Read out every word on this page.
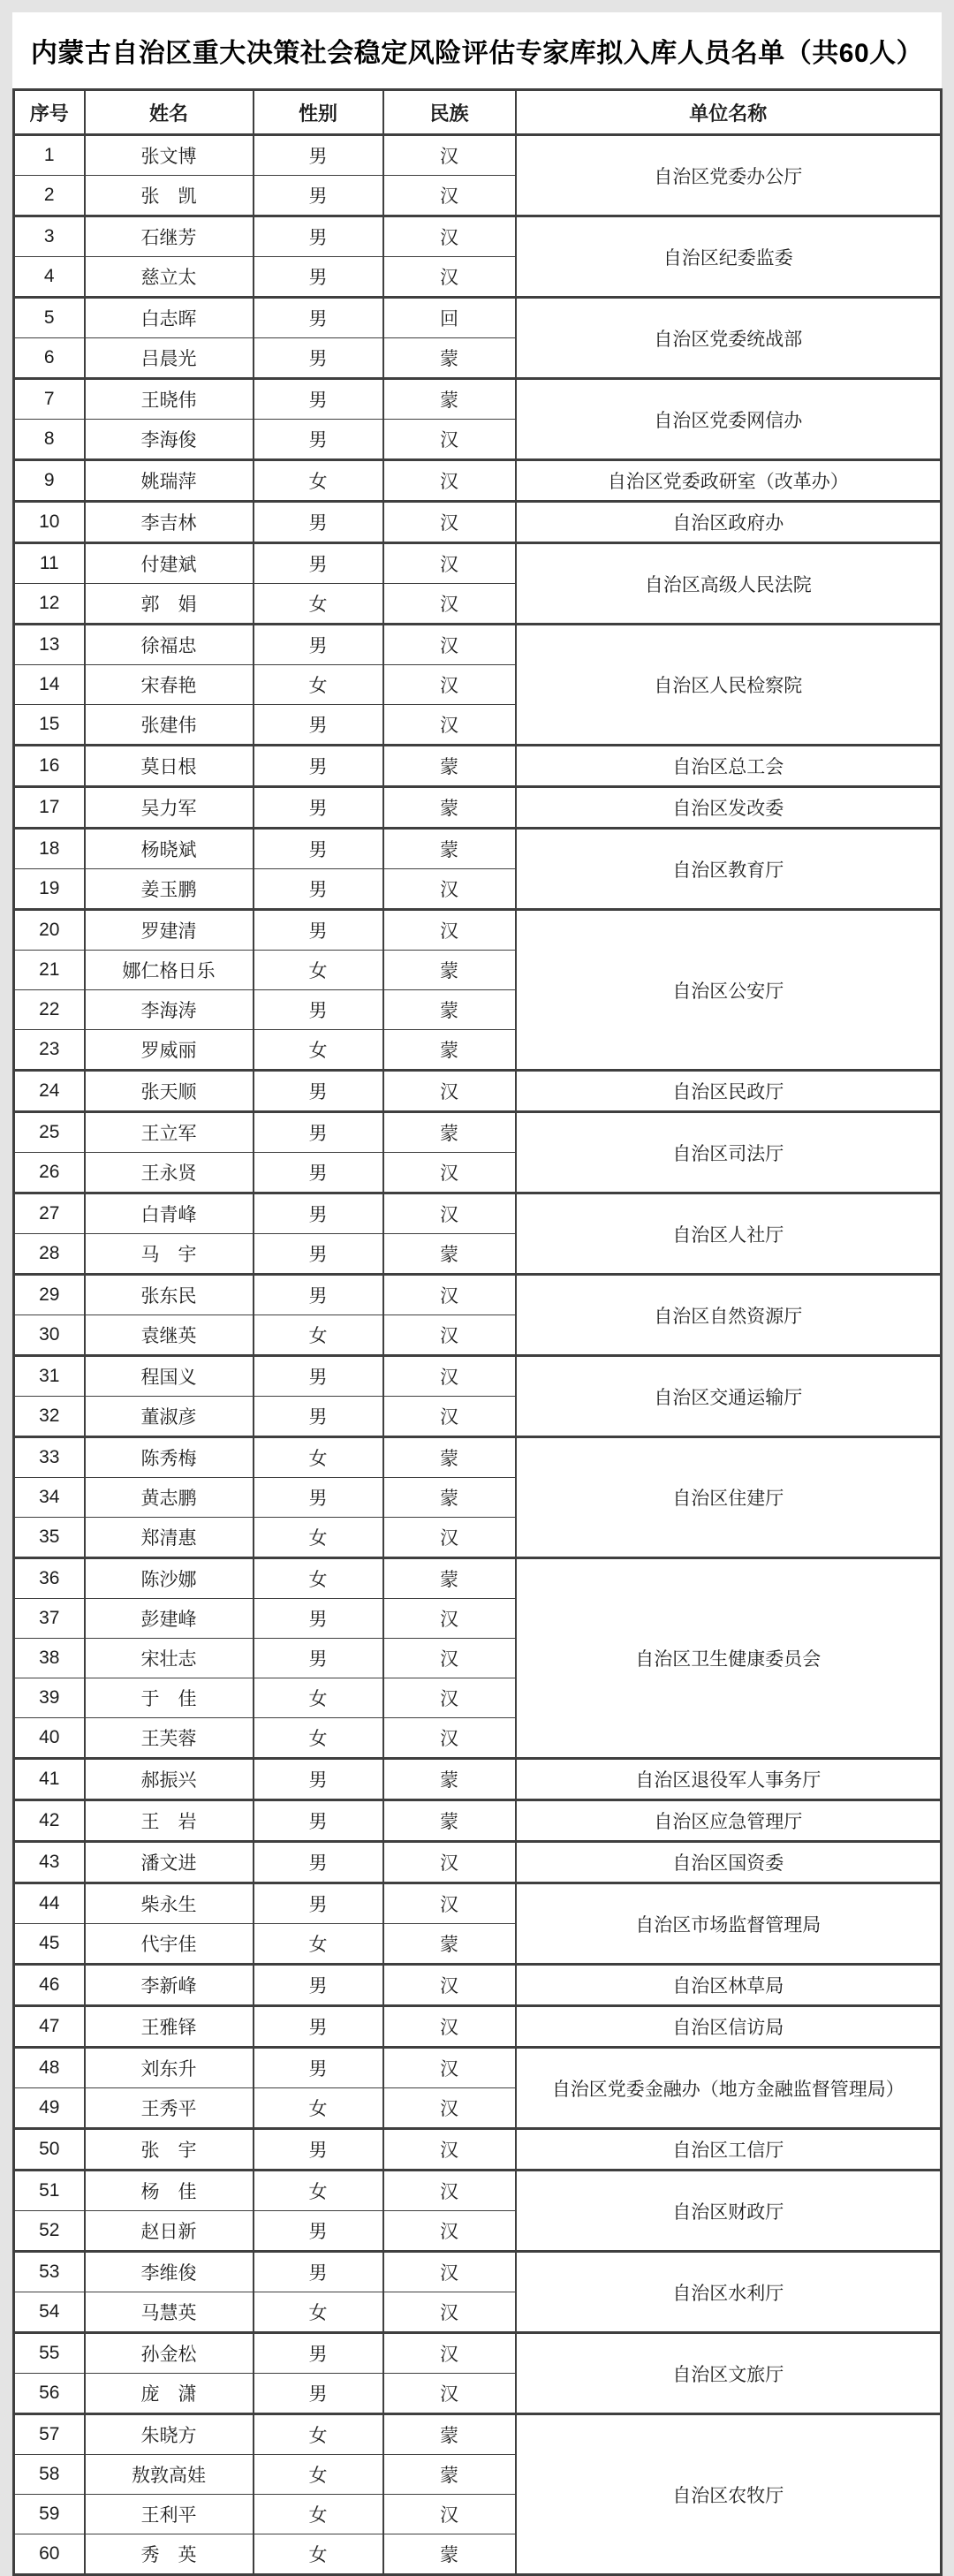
内蒙古自治区重大决策社会稳定风险评估专家库拟入库人员名单（共60人）
序号	姓名	性别	民族	单位名称
1	张文博	男	汉	自治区党委办公厅
2	张　凯	男	汉	
3	石继芳	男	汉	自治区纪委监委
4	慈立太	男	汉	
5	白志晖	男	回	自治区党委统战部
6	吕晨光	男	蒙	
7	王晓伟	男	蒙	自治区党委网信办
8	李海俊	男	汉	
9	姚瑞萍	女	汉	自治区党委政研室（改革办）
10	李吉林	男	汉	自治区政府办
11	付建斌	男	汉	自治区高级人民法院
12	郭　娟	女	汉	
13	徐福忠	男	汉	自治区人民检察院
14	宋春艳	女	汉	
15	张建伟	男	汉	
16	莫日根	男	蒙	自治区总工会
17	吴力军	男	蒙	自治区发改委
18	杨晓斌	男	蒙	自治区教育厅
19	姜玉鹏	男	汉	
20	罗建清	男	汉	自治区公安厅
21	娜仁格日乐	女	蒙	
22	李海涛	男	蒙	
23	罗威丽	女	蒙	
24	张天顺	男	汉	自治区民政厅
25	王立军	男	蒙	自治区司法厅
26	王永贤	男	汉	
27	白青峰	男	汉	自治区人社厅
28	马　宇	男	蒙	
29	张东民	男	汉	自治区自然资源厅
30	袁继英	女	汉	
31	程国义	男	汉	自治区交通运输厅
32	董淑彦	男	汉	
33	陈秀梅	女	蒙	自治区住建厅
34	黄志鹏	男	蒙	
35	郑清惠	女	汉	
36	陈沙娜	女	蒙	自治区卫生健康委员会
37	彭建峰	男	汉	
38	宋壮志	男	汉	
39	于　佳	女	汉	
40	王芙蓉	女	汉	
41	郝振兴	男	蒙	自治区退役军人事务厅
42	王　岩	男	蒙	自治区应急管理厅
43	潘文进	男	汉	自治区国资委
44	柴永生	男	汉	自治区市场监督管理局
45	代宇佳	女	蒙	
46	李新峰	男	汉	自治区林草局
47	王雅铎	男	汉	自治区信访局
48	刘东升	男	汉	自治区党委金融办（地方金融监督管理局）
49	王秀平	女	汉	
50	张　宇	男	汉	自治区工信厅
51	杨　佳	女	汉	自治区财政厅
52	赵日新	男	汉	
53	李维俊	男	汉	自治区水利厅
54	马慧英	女	汉	
55	孙金松	男	汉	自治区文旅厅
56	庞　潇	男	汉	
57	朱晓方	女	蒙	自治区农牧厅
58	敖敦高娃	女	蒙	
59	王利平	女	汉	
60	秀　英	女	蒙	
